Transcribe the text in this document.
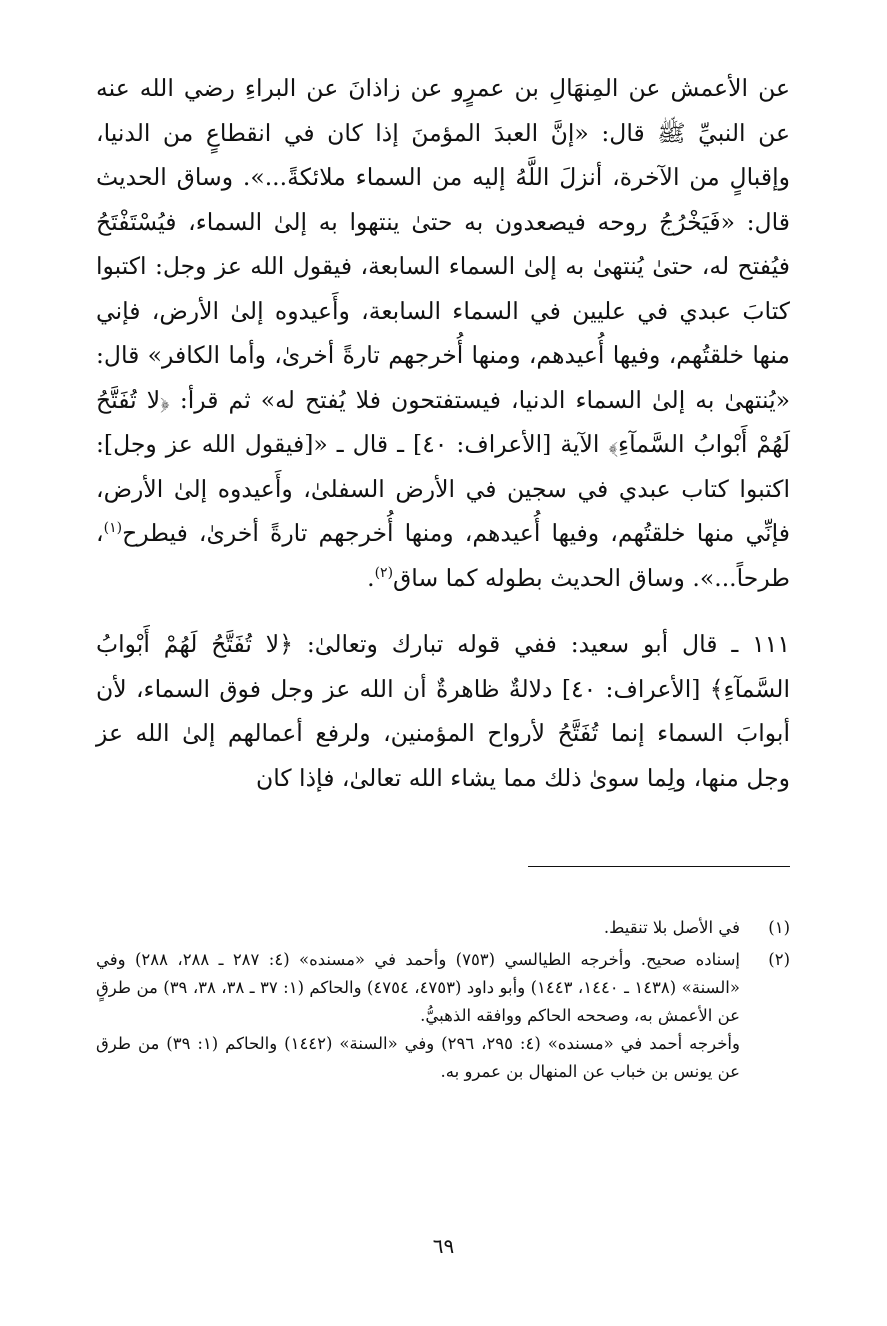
عن الأعمش عن المِنهَالِ بن عمرٍو عن زاذانَ عن البراءِ رضي الله عنه عن النبيِّ ﷺ قال: «إنَّ العبدَ المؤمنَ إذا كان في انقطاعٍ من الدنيا، وإقبالٍ من الآخرة، أنزلَ اللَّهُ إليه من السماء ملائكةً...». وساق الحديث قال: «فَيَخْرُجُ روحه فيصعدون به حتىٰ ينتهوا به إلىٰ السماء، فيُسْتَفْتَحُ فيُفتح له، حتىٰ يُنتهىٰ به إلىٰ السماء السابعة، فيقول الله عز وجل: اكتبوا كتابَ عبدي في عليين في السماء السابعة، وأَعيدوه إلىٰ الأرض، فإني منها خلقتُهم، وفيها أُعيدهم، ومنها أُخرجهم تارةً أخرىٰ، وأما الكافر» قال: «يُنتهىٰ به إلىٰ السماء الدنيا، فيستفتحون فلا يُفتح له» ثم قرأ: ﴿لا تُفَتَّحُ لَهُمْ أَبْوابُ السَّمآءِ﴾ الآية [الأعراف: ٤٠] ـ قال ـ «[فيقول الله عز وجل]: اكتبوا كتاب عبدي في سجين في الأرض السفلىٰ، وأَعيدوه إلىٰ الأرض، فإنِّي منها خلقتُهم، وفيها أُعيدهم، ومنها أُخرجهم تارةً أخرىٰ، فيطرح$^{(١)}$، طرحاً...». وساق الحديث بطوله كما ساق$^{(٢)}$.

١١١ ـ قال أبو سعيد: ففي قوله تبارك وتعالىٰ: ﴿لا تُفَتَّحُ لَهُمْ أَبْوابُ السَّمآءِ﴾ [الأعراف: ٤٠] دلالةٌ ظاهرةٌ أن الله عز وجل فوق السماء، لأن أبوابَ السماء إنما تُفَتَّحُ لأرواح المؤمنين، ولرفع أعمالهم إلىٰ الله عز وجل منها، ولِما سوىٰ ذلك مما يشاء الله تعالىٰ، فإذا كان

(١)

في الأصل بلا تنقيط.

(٢)

إسناده صحيح. وأخرجه الطيالسي (٧٥٣) وأحمد في «مسنده» (٤: ٢٨٧ ـ ٢٨٨، ٢٨٨) وفي «السنة» (١٤٣٨ ـ ١٤٤٠، ١٤٤٣) وأبو داود (٤٧٥٣، ٤٧٥٤) والحاكم (١: ٣٧ ـ ٣٨، ٣٨، ٣٩) من طرقٍ عن الأعمش به، وصححه الحاكم ووافقه الذهبيُّ.

وأخرجه أحمد في «مسنده» (٤: ٢٩٥، ٢٩٦) وفي «السنة» (١٤٤٢) والحاكم (١: ٣٩) من طرق عن يونس بن خباب عن المنهال بن عمرو به.

٦٩
